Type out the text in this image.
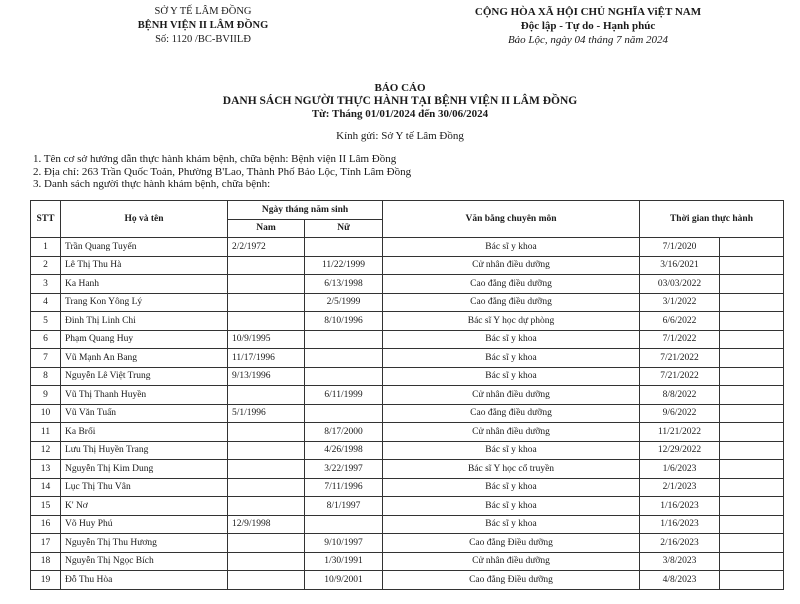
SỞ Y TẾ LÂM ĐỒNG
BỆNH VIỆN II LÂM ĐỒNG
Số: 1120 /BC-BVIILĐ
CỘNG HÒA XÃ HỘI CHỦ NGHĨA ViỆT NAM
Độc lập - Tự do - Hạnh phúc
Bảo Lộc, ngày 04 tháng 7 năm 2024
BÁO CÁO
DANH SÁCH NGƯỜI THỰC HÀNH TẠI BỆNH VIỆN II LÂM ĐỒNG
Từ: Tháng 01/01/2024 đến 30/06/2024
Kính gửi: Sở Y tế Lâm Đồng
1. Tên cơ sở hướng dẫn thực hành khám bệnh, chữa bệnh: Bệnh viện II Lâm Đồng
2. Địa chỉ: 263 Trần Quốc Toản, Phường B'Lao, Thành Phố Bảo Lộc, Tỉnh Lâm Đồng
3. Danh sách người thực hành khám bệnh, chữa bệnh:
STT	Họ và tên	Ngày tháng năm sinh		Văn bằng chuyên môn	Thời gian thực hành	
		Nam	Nữ			
1	Trần Quang Tuyến	2/2/1972		Bác sĩ y khoa	7/1/2020	
2	Lê Thị Thu Hà		11/22/1999	Cử nhân điều dưỡng	3/16/2021	
3	Ka Hanh		6/13/1998	Cao đẳng điều dưỡng	03/03/2022	
4	Trang Kon Yông Lý		2/5/1999	Cao đẳng điều dưỡng	3/1/2022	
5	Đinh Thị Linh Chi		8/10/1996	Bác sĩ Y học dự phòng	6/6/2022	
6	Phạm Quang Huy	10/9/1995		Bác sĩ y khoa	7/1/2022	
7	Vũ Mạnh An Bang	11/17/1996		Bác sĩ y khoa	7/21/2022	
8	Nguyễn Lê Việt Trung	9/13/1996		Bác sĩ y khoa	7/21/2022	
9	Vũ Thị Thanh Huyền		6/11/1999	Cử nhân điều dưỡng	8/8/2022	
10	Vũ Văn Tuấn	5/1/1996		Cao đẳng điều dưỡng	9/6/2022	
11	Ka Brối		8/17/2000	Cử nhân điều dưỡng	11/21/2022	
12	Lưu Thị Huyền Trang		4/26/1998	Bác sĩ y khoa	12/29/2022	
13	Nguyễn Thị Kim Dung		3/22/1997	Bác sĩ Y học cổ truyền	1/6/2023	
14	Lục Thị Thu Vân		7/11/1996	Bác sĩ y khoa	2/1/2023	
15	K' Nơ		8/1/1997	Bác sĩ y khoa	1/16/2023	
16	Võ Huy Phú	12/9/1998		Bác sĩ y khoa	1/16/2023	
17	Nguyễn Thị Thu Hương		9/10/1997	Cao đẳng Điều dưỡng	2/16/2023	
18	Nguyễn Thị Ngọc Bích		1/30/1991	Cử nhân điều dưỡng	3/8/2023	
19	Đỗ Thu Hòa		10/9/2001	Cao đẳng Điều dưỡng	4/8/2023	
